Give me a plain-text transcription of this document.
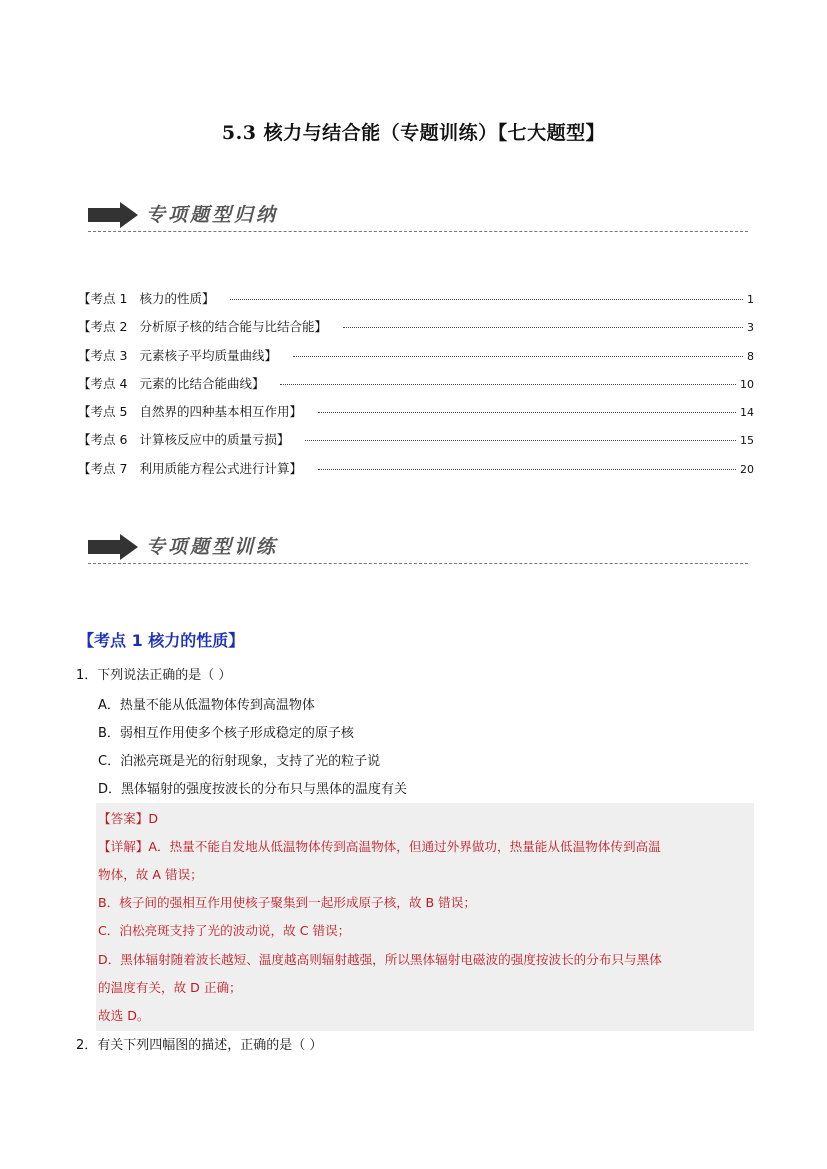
5.3 核力与结合能（专题训练）【七大题型】
专项题型归纳
【考点 1 核力的性质】	1
【考点 2 分析原子核的结合能与比结合能】	3
【考点 3 元素核子平均质量曲线】	8
【考点 4 元素的比结合能曲线】	10
【考点 5 自然界的四种基本相互作用】	14
【考点 6 计算核反应中的质量亏损】	15
【考点 7 利用质能方程公式进行计算】	20
专项题型训练
【考点 1 核力的性质】
1．下列说法正确的是（ ）
A．热量不能从低温物体传到高温物体
B．弱相互作用使多个核子形成稳定的原子核
C．泊淞亮斑是光的衍射现象，支持了光的粒子说
D．黑体辐射的强度按波长的分布只与黑体的温度有关
【答案】D
【详解】A．热量不能自发地从低温物体传到高温物体，但通过外界做功，热量能从低温物体传到高温
物体，故 A 错误；
B．核子间的强相互作用使核子聚集到一起形成原子核，故 B 错误；
C．泊松亮斑支持了光的波动说，故 C 错误；
D．黑体辐射随着波长越短、温度越高则辐射越强，所以黑体辐射电磁波的强度按波长的分布只与黑体
的温度有关，故 D 正确；
故选 D。
2．有关下列四幅图的描述，正确的是（ ）
